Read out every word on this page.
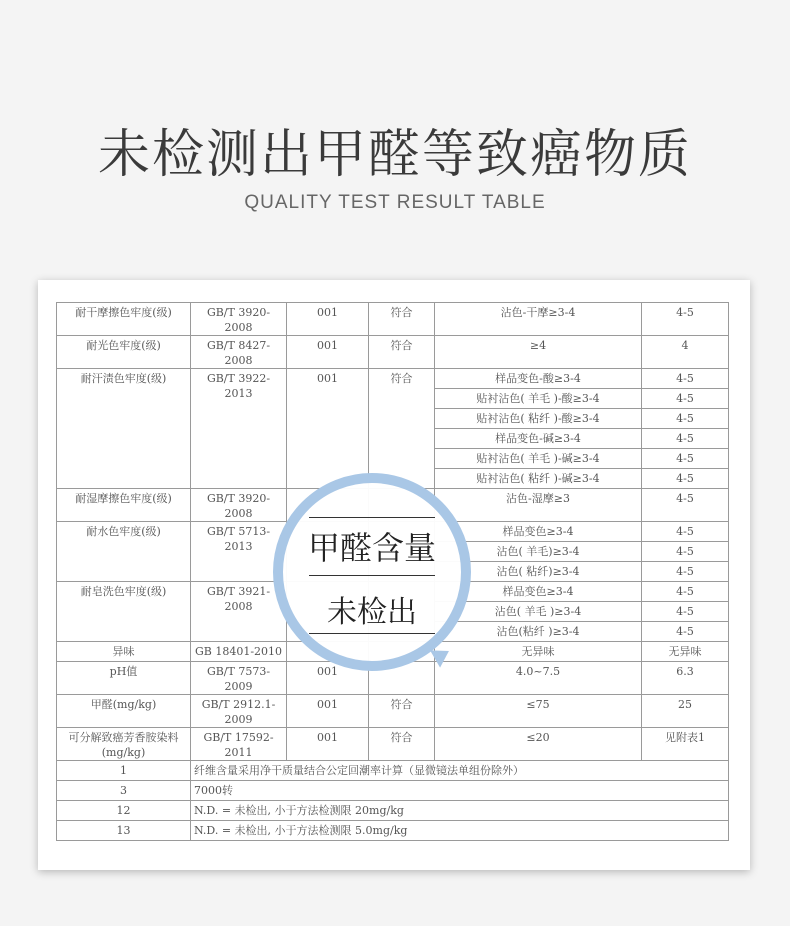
未检测出甲醛等致癌物质
QUALITY TEST RESULT TABLE
耐干摩擦色牢度(级)	GB/T 3920-2008	001	符合	沾色-干摩≥3-4	4-5
耐光色牢度(级)	GB/T 8427-2008	001	符合	≥4	4
耐汗渍色牢度(级)	GB/T 3922-2013	001	符合	样品变色-酸≥3-4	4-5
				贴衬沾色( 羊毛 )-酸≥3-4	4-5
				贴衬沾色( 粘纤 )-酸≥3-4	4-5
				样品变色-碱≥3-4	4-5
				贴衬沾色( 羊毛 )-碱≥3-4	4-5
				贴衬沾色( 粘纤 )-碱≥3-4	4-5
耐湿摩擦色牢度(级)	GB/T 3920-2008			沾色-湿摩≥3	4-5
耐水色牢度(级)	GB/T 5713-2013			样品变色≥3-4	4-5
				沾色( 羊毛)≥3-4	4-5
				沾色( 粘纤)≥3-4	4-5
耐皂洗色牢度(级)	GB/T 3921-2008			样品变色≥3-4	4-5
				沾色( 羊毛 )≥3-4	4-5
				沾色(粘纤 )≥3-4	4-5
异味	GB 18401-2010			无异味	无异味
pH值	GB/T 7573-2009	001		4.0~7.5	6.3
甲醛(mg/kg)	GB/T 2912.1-2009	001	符合	≤75	25
可分解致癌芳香胺染料(mg/kg)	GB/T 17592-2011	001	符合	≤20	见附表1
1	纤维含量采用净干质量结合公定回潮率计算（显微镜法单组份除外）				
3	7000转				
12	N.D. = 未检出, 小于方法检测限 20mg/kg				
13	N.D. = 未检出, 小于方法检测限 5.0mg/kg				
甲醛含量
未检出
